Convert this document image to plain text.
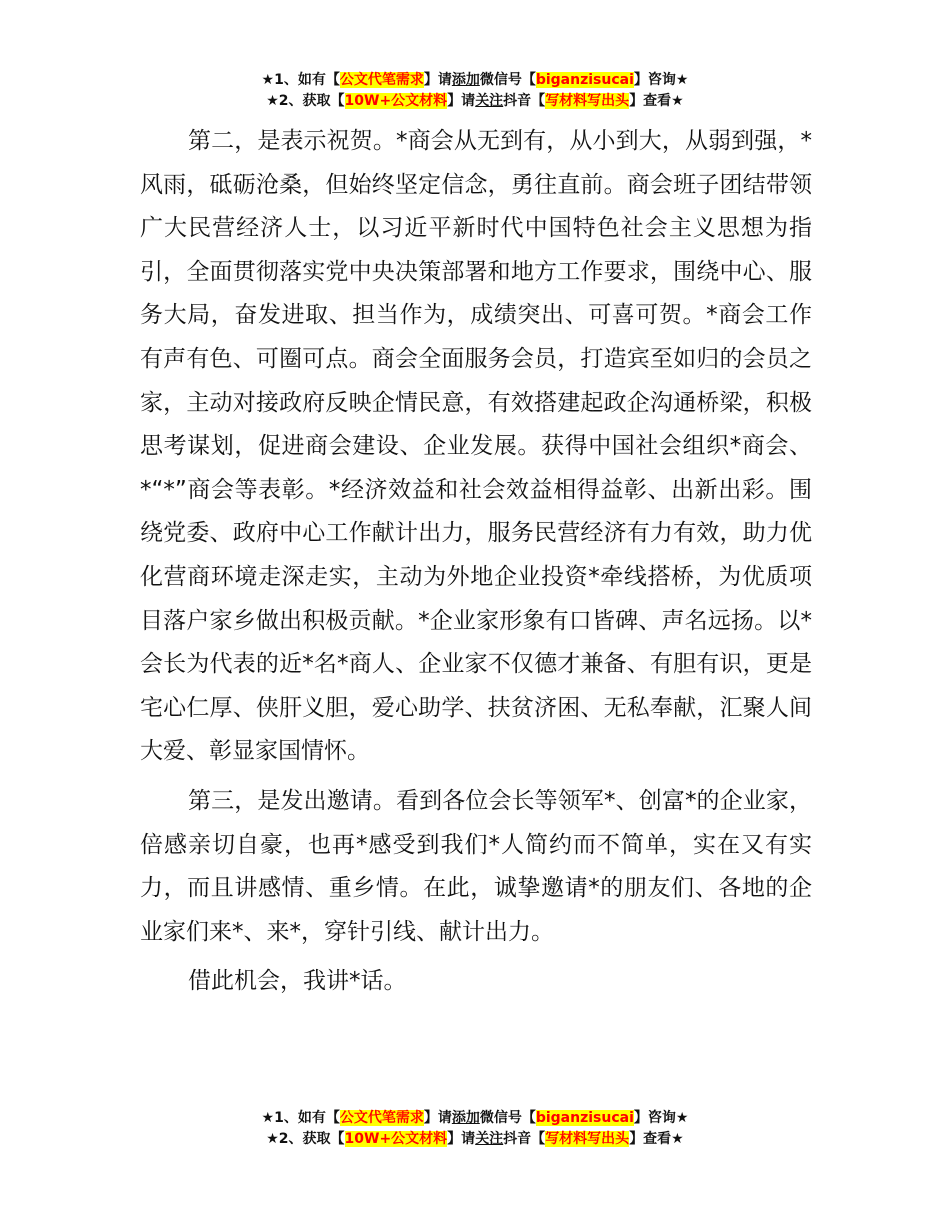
★1、如有【公文代笔需求】请添加微信号【biganzisucai】咨询★
★2、获取【10W+公文材料】请关注抖音【写材料写出头】查看★

第二，是表示祝贺。*商会从无到有，从小到大，从弱到强，*风雨，砥砺沧桑，但始终坚定信念，勇往直前。商会班子团结带领广大民营经济人士，以习近平新时代中国特色社会主义思想为指引，全面贯彻落实党中央决策部署和地方工作要求，围绕中心、服务大局，奋发进取、担当作为，成绩突出、可喜可贺。*商会工作有声有色、可圈可点。商会全面服务会员，打造宾至如归的会员之家，主动对接政府反映企情民意，有效搭建起政企沟通桥梁，积极思考谋划，促进商会建设、企业发展。获得中国社会组织*商会、*“*”商会等表彰。*经济效益和社会效益相得益彰、出新出彩。围绕党委、政府中心工作献计出力，服务民营经济有力有效，助力优化营商环境走深走实，主动为外地企业投资*牵线搭桥，为优质项目落户家乡做出积极贡献。*企业家形象有口皆碑、声名远扬。以*会长为代表的近*名*商人、企业家不仅德才兼备、有胆有识，更是宅心仁厚、侠肝义胆，爱心助学、扶贫济困、无私奉献，汇聚人间大爱、彰显家国情怀。

第三，是发出邀请。看到各位会长等领军*、创富*的企业家，倍感亲切自豪，也再*感受到我们*人简约而不简单，实在又有实力，而且讲感情、重乡情。在此，诚挚邀请*的朋友们、各地的企业家们来*、来*，穿针引线、献计出力。

借此机会，我讲*话。

★1、如有【公文代笔需求】请添加微信号【biganzisucai】咨询★
★2、获取【10W+公文材料】请关注抖音【写材料写出头】查看★
